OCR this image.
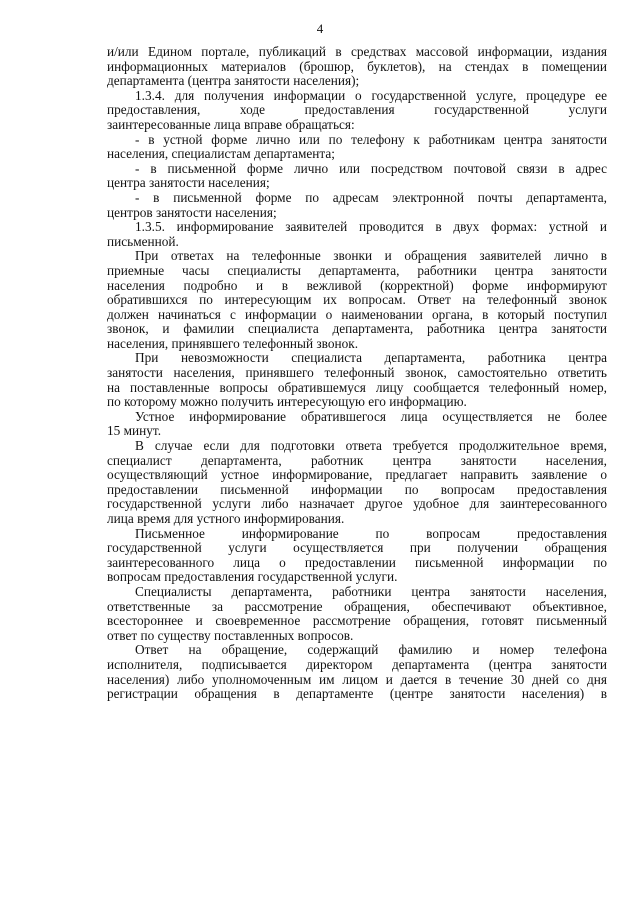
4
и/или Едином портале, публикаций в средствах массовой информации, издания
информационных материалов (брошюр, буклетов), на стендах в помещении
департамента (центра занятости населения);
1.3.4. для получения информации о государственной услуге, процедуре ее
предоставления, ходе предоставления государственной услуги
заинтересованные лица вправе обращаться:
- в устной форме лично или по телефону к работникам центра занятости
населения, специалистам департамента;
- в письменной форме лично или посредством почтовой связи в адрес
центра занятости населения;
- в письменной форме по адресам электронной почты департамента,
центров занятости населения;
1.3.5. информирование заявителей проводится в двух формах: устной и
письменной.
При ответах на телефонные звонки и обращения заявителей лично в
приемные часы специалисты департамента, работники центра занятости
населения подробно и в вежливой (корректной) форме информируют
обратившихся по интересующим их вопросам. Ответ на телефонный звонок
должен начинаться с информации о наименовании органа, в который поступил
звонок, и фамилии специалиста департамента, работника центра занятости
населения, принявшего телефонный звонок.
При невозможности специалиста департамента, работника центра
занятости населения, принявшего телефонный звонок, самостоятельно ответить
на поставленные вопросы обратившемуся лицу сообщается телефонный номер,
по которому можно получить интересующую его информацию.
Устное информирование обратившегося лица осуществляется не более
15 минут.
В случае если для подготовки ответа требуется продолжительное время,
специалист департамента, работник центра занятости населения,
осуществляющий устное информирование, предлагает направить заявление о
предоставлении письменной информации по вопросам предоставления
государственной услуги либо назначает другое удобное для заинтересованного
лица время для устного информирования.
Письменное информирование по вопросам предоставления
государственной услуги осуществляется при получении обращения
заинтересованного лица о предоставлении письменной информации по
вопросам предоставления государственной услуги.
Специалисты департамента, работники центра занятости населения,
ответственные за рассмотрение обращения, обеспечивают объективное,
всестороннее и своевременное рассмотрение обращения, готовят письменный
ответ по существу поставленных вопросов.
Ответ на обращение, содержащий фамилию и номер телефона
исполнителя, подписывается директором департамента (центра занятости
населения) либо уполномоченным им лицом и дается в течение 30 дней со дня
регистрации обращения в департаменте (центре занятости населения) в
